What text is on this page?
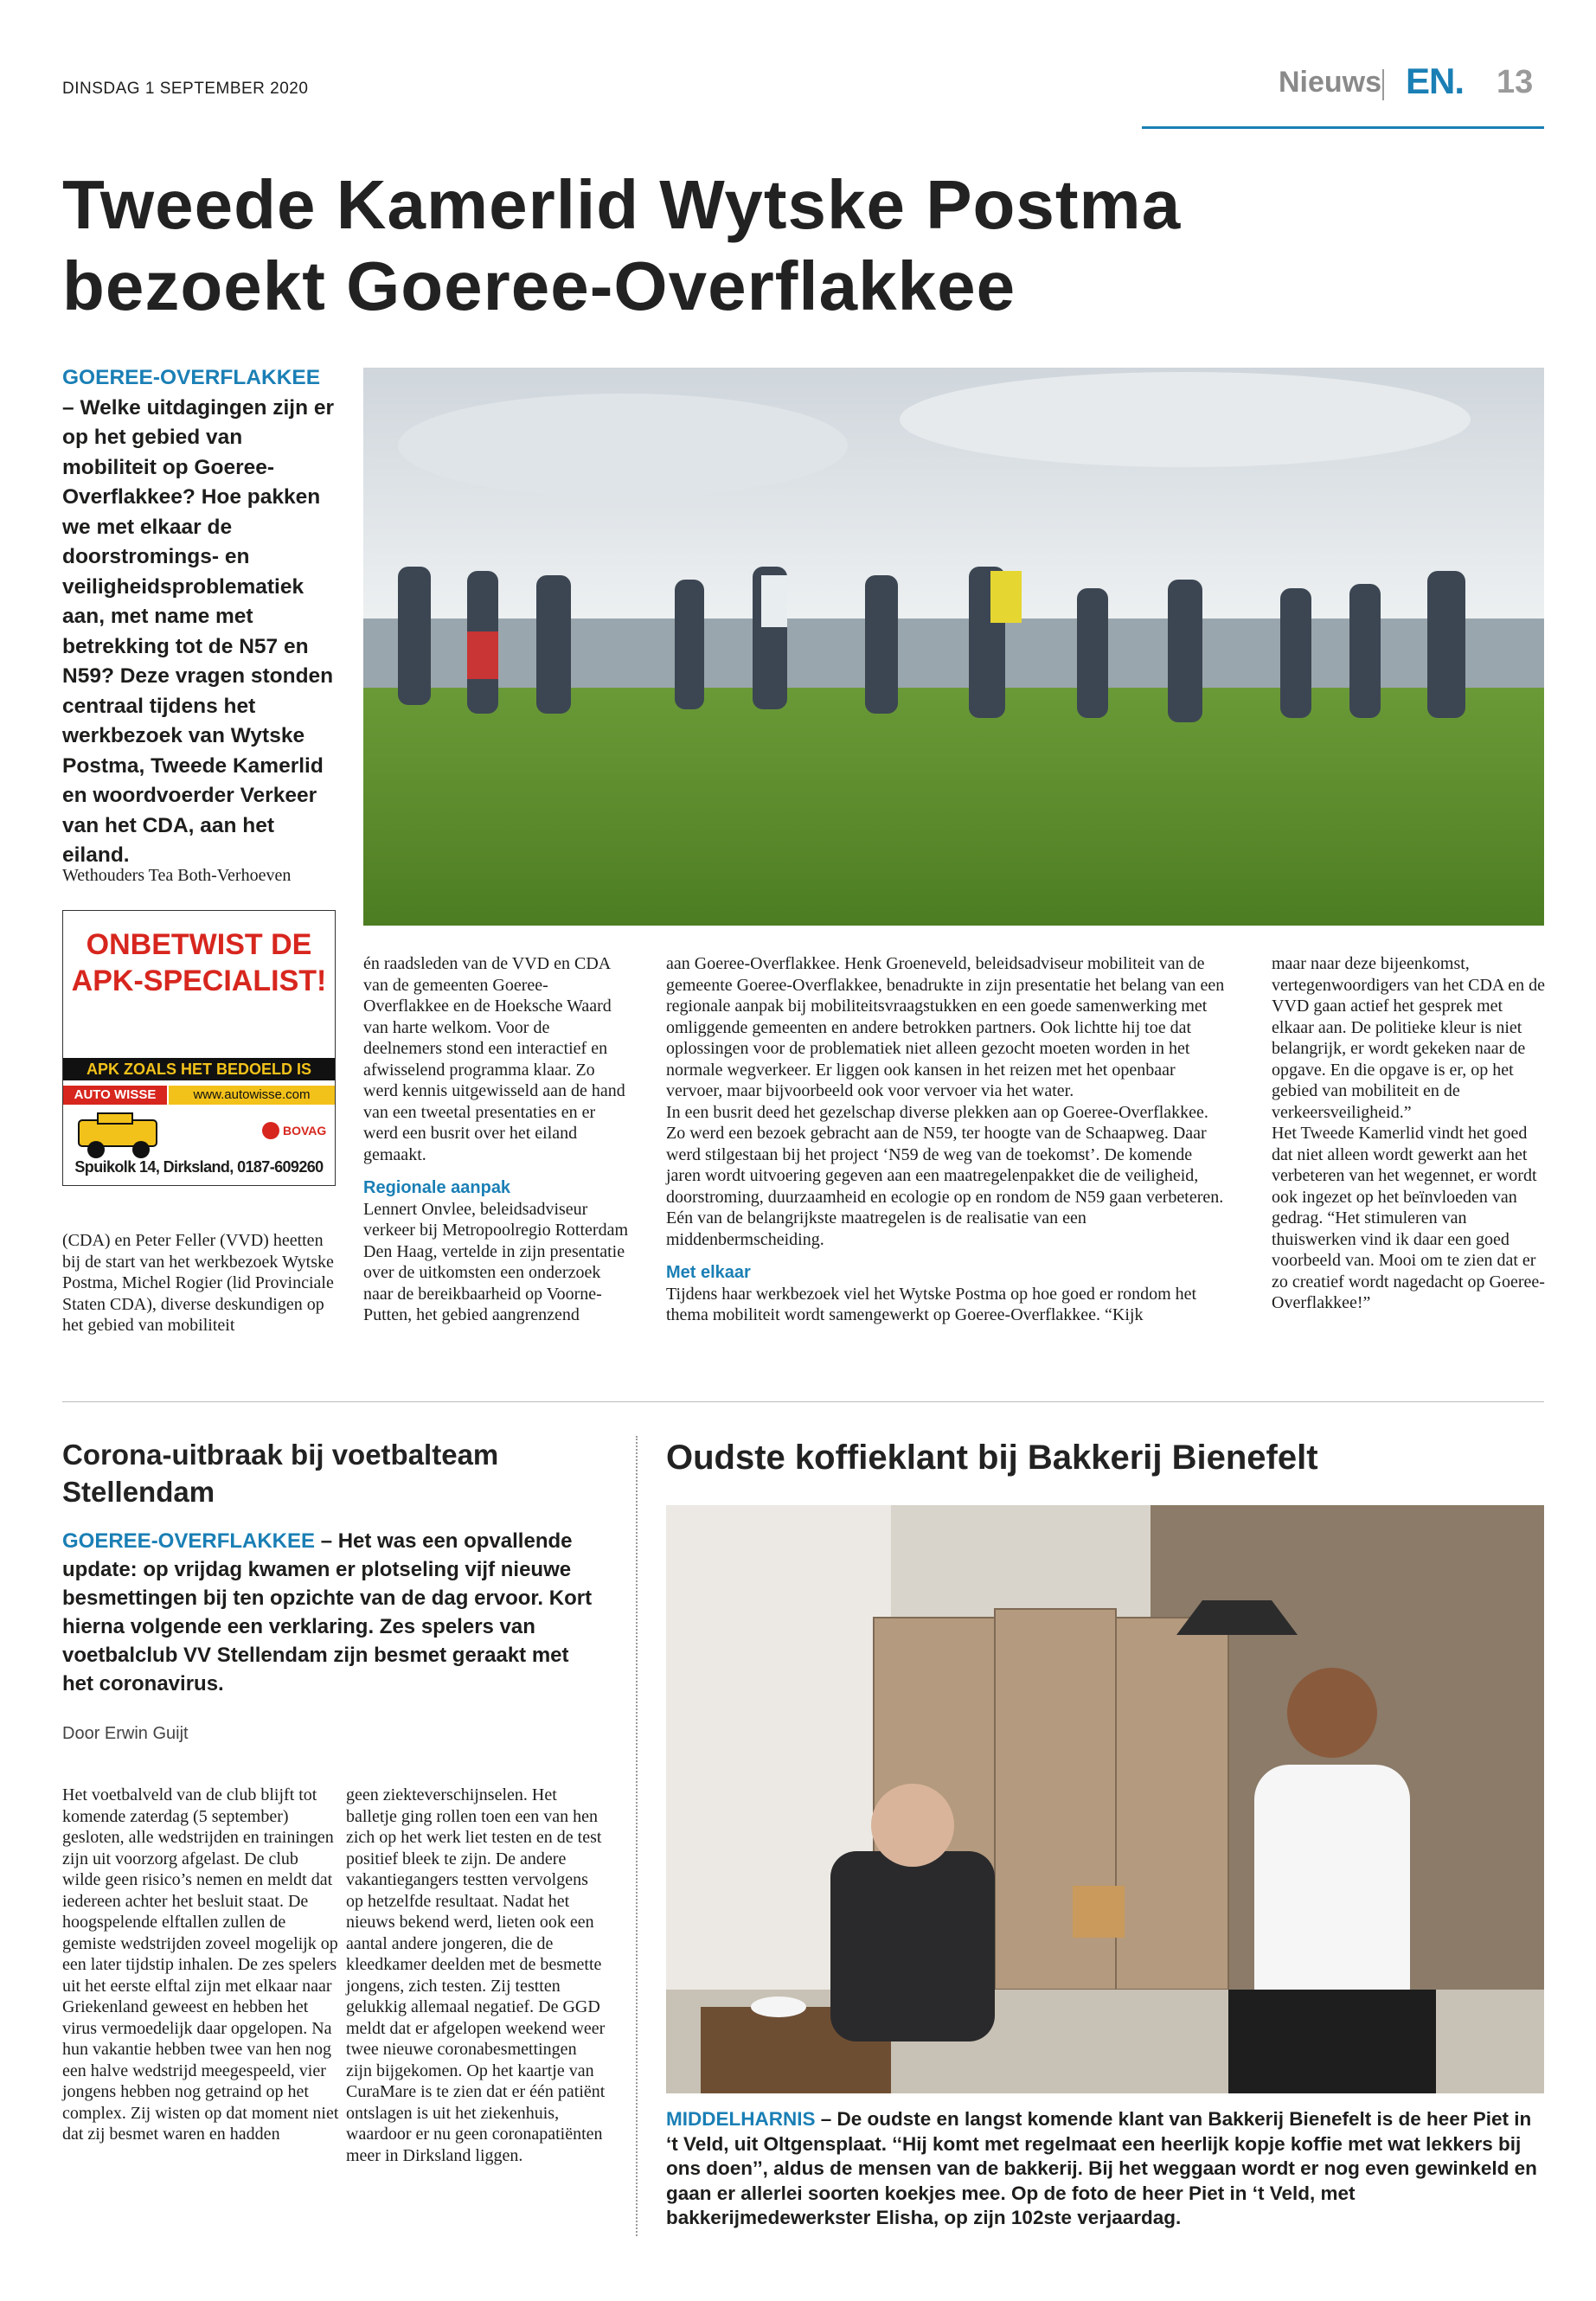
DINSDAG 1 SEPTEMBER 2020	Nieuws EN. 13
Tweede Kamerlid Wytske Postma
bezoekt Goeree-Overflakkee
GOEREE-OVERFLAKKEE – Welke uitdagingen zijn er op het gebied van mobiliteit op Goeree-Overflakkee? Hoe pakken we met elkaar de doorstromings- en veiligheidsproblematiek aan, met name met betrekking tot de N57 en N59? Deze vragen stonden centraal tijdens het werkbezoek van Wytske Postma, Tweede Kamerlid en woordvoerder Verkeer van het CDA, aan het eiland.
Wethouders Tea Both-Verhoeven
ONBETWIST DE
APK-SPECIALIST!
APK ZOALS HET BEDOELD IS
AUTO WISSE	www.autowisse.com
BOVAG
Spuikolk 14, Dirksland, 0187-609260

(CDA) en Peter Feller (VVD) heetten bij de start van het werkbezoek Wytske Postma, Michel Rogier (lid Provinciale Staten CDA), diverse deskundigen op het gebied van mobiliteit

én raadsleden van de VVD en CDA van de gemeenten Goeree-Overflakkee en de Hoeksche Waard van harte welkom. Voor de deelnemers stond een interactief en afwisselend programma klaar. Zo werd kennis uitgewisseld aan de hand van een tweetal presentaties en er werd een busrit over het eiland gemaakt.

Regionale aanpak

Lennert Onvlee, beleidsadviseur verkeer bij Metropoolregio Rotterdam Den Haag, vertelde in zijn presentatie over de uitkomsten een onderzoek naar de bereikbaarheid op Voorne-Putten, het gebied aangrenzend

aan Goeree-Overflakkee. Henk Groeneveld, beleidsadviseur mobiliteit van de gemeente Goeree-Overflakkee, benadrukte in zijn presentatie het belang van een regionale aanpak bij mobiliteitsvraagstukken en een goede samenwerking met omliggende gemeenten en andere betrokken partners. Ook lichtte hij toe dat oplossingen voor de problematiek niet alleen gezocht moeten worden in het normale wegverkeer. Er liggen ook kansen in het reizen met het openbaar vervoer, maar bijvoorbeeld ook voor vervoer via het water.

In een busrit deed het gezelschap diverse plekken aan op Goeree-Overflakkee. Zo werd een bezoek gebracht aan de N59, ter hoogte van de Schaapweg. Daar werd stilgestaan bij het project ‘N59 de weg van de toekomst’. De komende jaren wordt uitvoering gegeven aan een maatregelenpakket die de veiligheid, doorstroming, duurzaamheid en ecologie op en rondom de N59 gaan verbeteren. Eén van de belangrijkste maatregelen is de realisatie van een middenbermscheiding.

Met elkaar

Tijdens haar werkbezoek viel het Wytske Postma op hoe goed er rondom het thema mobiliteit wordt samengewerkt op Goeree-Overflakkee. “Kijk

maar naar deze bijeenkomst, vertegenwoordigers van het CDA en de VVD gaan actief het gesprek met elkaar aan. De politieke kleur is niet belangrijk, er wordt gekeken naar de opgave. En die opgave is er, op het gebied van mobiliteit en de verkeersveiligheid.”

Het Tweede Kamerlid vindt het goed dat niet alleen wordt gewerkt aan het verbeteren van het wegennet, er wordt ook ingezet op het beïnvloeden van gedrag. “Het stimuleren van thuiswerken vind ik daar een goed voorbeeld van. Mooi om te zien dat er zo creatief wordt nagedacht op Goeree-Overflakkee!”

Corona-uitbraak bij voetbalteam Stellendam
GOEREE-OVERFLAKKEE – Het was een opvallende update: op vrijdag kwamen er plotseling vijf nieuwe besmettingen bij ten opzichte van de dag ervoor. Kort hierna volgende een verklaring. Zes spelers van voetbalclub VV Stellendam zijn besmet geraakt met het coronavirus.
Door Erwin Guijt

Het voetbalveld van de club blijft tot komende zaterdag (5 september) gesloten, alle wedstrijden en trainingen zijn uit voorzorg afgelast. De club wilde geen risico’s nemen en meldt dat iedereen achter het besluit staat. De hoogspelende elftallen zullen de gemiste wedstrijden zoveel mogelijk op een later tijdstip inhalen. De zes spelers uit het eerste elftal zijn met elkaar naar Griekenland geweest en hebben het virus vermoedelijk daar opgelopen. Na hun vakantie hebben twee van hen nog een halve wedstrijd meegespeeld, vier jongens hebben nog getraind op het complex. Zij wisten op dat moment niet dat zij besmet waren en hadden

geen ziekteverschijnselen. Het balletje ging rollen toen een van hen zich op het werk liet testen en de test positief bleek te zijn. De andere vakantiegangers testten vervolgens op hetzelfde resultaat. Nadat het nieuws bekend werd, lieten ook een aantal andere jongeren, die de kleedkamer deelden met de besmette jongens, zich testen. Zij testten gelukkig allemaal negatief. De GGD meldt dat er afgelopen weekend weer twee nieuwe coronabesmettingen zijn bijgekomen. Op het kaartje van CuraMare is te zien dat er één patiënt ontslagen is uit het ziekenhuis, waardoor er nu geen coronapatiënten meer in Dirksland liggen.

Oudste koffieklant bij Bakkerij Bienefelt
MIDDELHARNIS – De oudste en langst komende klant van Bakkerij Bienefelt is de heer Piet in ‘t Veld, uit Oltgensplaat. ‘‘Hij komt met regelmaat een heerlijk kopje koffie met wat lekkers bij ons doen’’, aldus de mensen van de bakkerij. Bij het weggaan wordt er nog even gewinkeld en gaan er allerlei soorten koekjes mee. Op de foto de heer Piet in ‘t Veld, met bakkerijmedewerkster Elisha, op zijn 102ste verjaardag.
